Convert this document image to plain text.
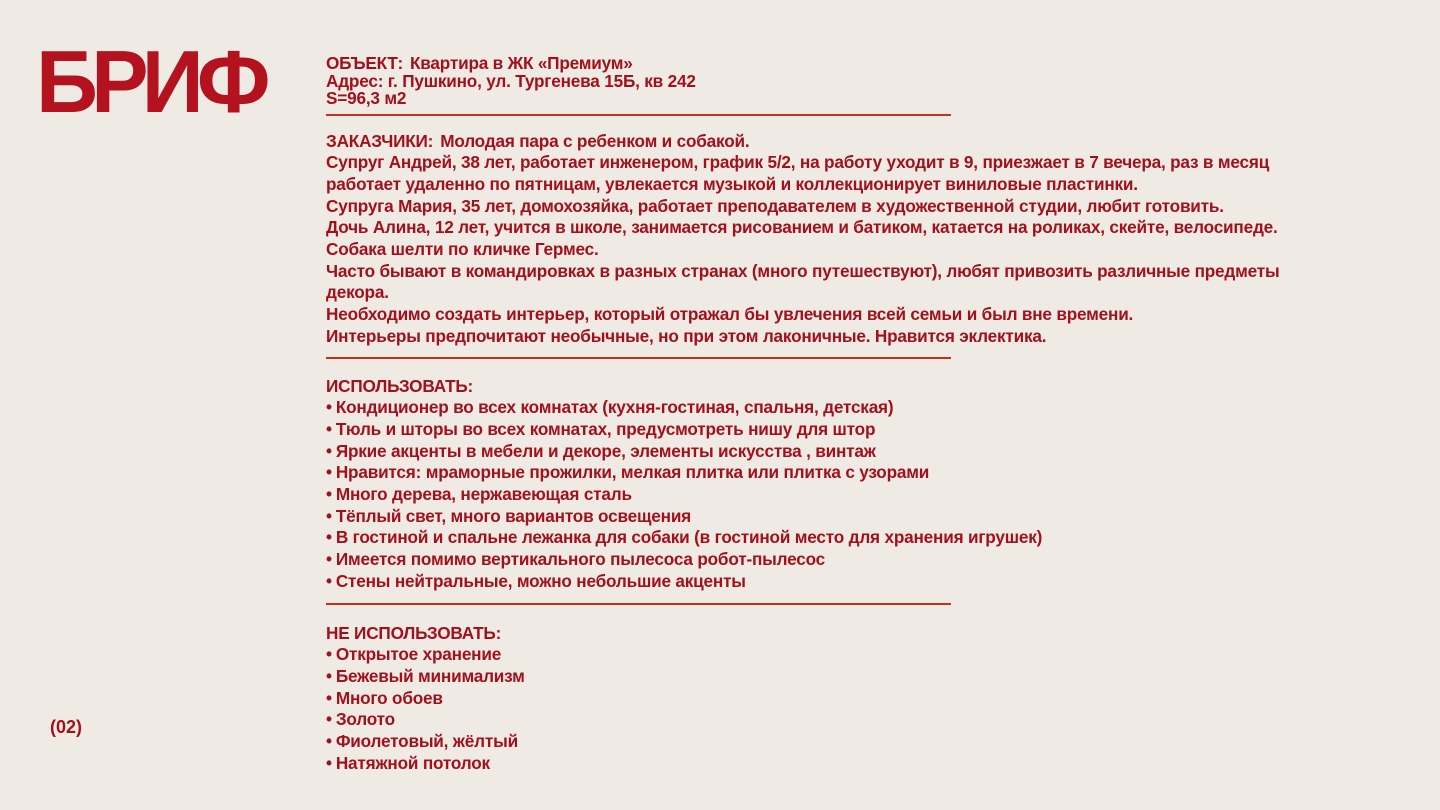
БРИФ
(02)

ОБЪЕКТ: Квартира в ЖК «Премиум»

Адрес: г. Пушкино, ул. Тургенева 15Б, кв 242

S=96,3 м2

ЗАКАЗЧИКИ: Молодая пара с ребенком и собакой.

Супруг Андрей, 38 лет, работает инженером, график 5/2, на работу уходит в 9, приезжает в 7 вечера, раз в месяц

работает удаленно по пятницам, увлекается музыкой и коллекционирует виниловые пластинки.

Супруга Мария, 35 лет, домохозяйка, работает преподавателем в художественной студии, любит готовить.

Дочь Алина, 12 лет, учится в школе, занимается рисованием и батиком, катается на роликах, скейте, велосипеде.

Собака шелти по кличке Гермес.

Часто бывают в командировках в разных странах (много путешествуют), любят привозить различные предметы

декора.

Необходимо создать интерьер, который отражал бы увлечения всей семьи и был вне времени.

Интерьеры предпочитают необычные, но при этом лаконичные. Нравится эклектика.

ИСПОЛЬЗОВАТЬ:

• Кондиционер во всех комнатах (кухня-гостиная, спальня, детская)
• Тюль и шторы во всех комнатах, предусмотреть нишу для штор
• Яркие акценты в мебели и декоре, элементы искусства , винтаж
• Нравится: мраморные прожилки, мелкая плитка или плитка с узорами
• Много дерева, нержавеющая сталь
• Тёплый свет, много вариантов освещения
• В гостиной и спальне лежанка для собаки (в гостиной место для хранения игрушек)
• Имеется помимо вертикального пылесоса робот-пылесос
• Стены нейтральные, можно небольшие акценты

НЕ ИСПОЛЬЗОВАТЬ:

• Открытое хранение
• Бежевый минимализм
• Много обоев
• Золото
• Фиолетовый, жёлтый
• Натяжной потолок
